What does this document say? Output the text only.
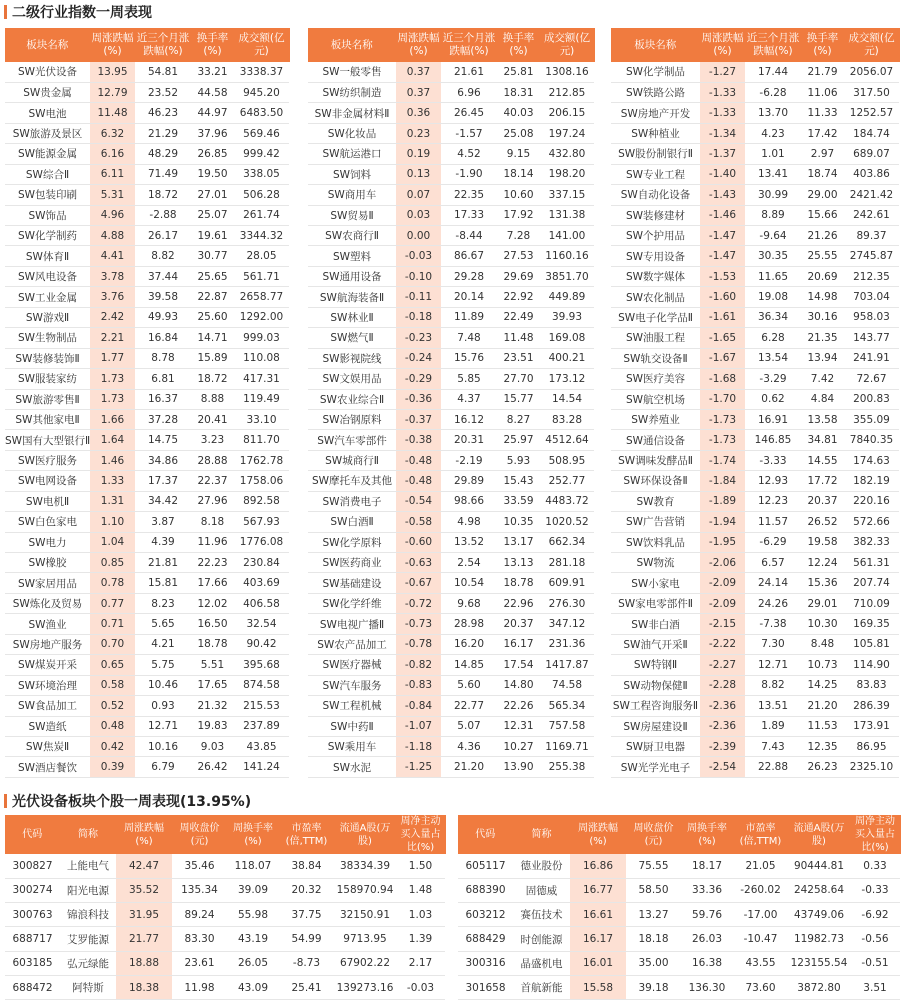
二级行业指数一周表现
板块名称	周涨跌幅(%)	近三个月涨跌幅(%)	换手率(%)	成交额(亿元)
SW光伏设备	13.95	54.81	33.21	3338.37
SW贵金属	12.79	23.52	44.58	945.20
SW电池	11.48	46.23	44.97	6483.50
SW旅游及景区	6.32	21.29	37.96	569.46
SW能源金属	6.16	48.29	26.85	999.42
SW综合Ⅱ	6.11	71.49	19.50	338.05
SW包装印刷	5.31	18.72	27.01	506.28
SW饰品	4.96	-2.88	25.07	261.74
SW化学制药	4.88	26.17	19.61	3344.32
SW体育Ⅱ	4.41	8.82	30.77	28.05
SW风电设备	3.78	37.44	25.65	561.71
SW工业金属	3.76	39.58	22.87	2658.77
SW游戏Ⅱ	2.42	49.93	25.60	1292.00
SW生物制品	2.21	16.84	14.71	999.03
SW装修装饰Ⅱ	1.77	8.78	15.89	110.08
SW服装家纺	1.73	6.81	18.72	417.31
SW旅游零售Ⅱ	1.73	16.37	8.88	119.49
SW其他家电Ⅱ	1.66	37.28	20.41	33.10
SW国有大型银行Ⅱ	1.64	14.75	3.23	811.70
SW医疗服务	1.46	34.86	28.88	1762.78
SW电网设备	1.33	17.37	22.37	1758.06
SW电机Ⅱ	1.31	34.42	27.96	892.58
SW白色家电	1.10	3.87	8.18	567.93
SW电力	1.04	4.39	11.96	1776.08
SW橡胶	0.85	21.81	22.23	230.84
SW家居用品	0.78	15.81	17.66	403.69
SW炼化及贸易	0.77	8.23	12.02	406.58
SW渔业	0.71	5.65	16.50	32.54
SW房地产服务	0.70	4.21	18.78	90.42
SW煤炭开采	0.65	5.75	5.51	395.68
SW环境治理	0.58	10.46	17.65	874.58
SW食品加工	0.52	0.93	21.32	215.53
SW造纸	0.48	12.71	19.83	237.89
SW焦炭Ⅱ	0.42	10.16	9.03	43.85
SW酒店餐饮	0.39	6.79	26.42	141.24
板块名称	周涨跌幅(%)	近三个月涨跌幅(%)	换手率(%)	成交额(亿元)
SW一般零售	0.37	21.61	25.81	1308.16
SW纺织制造	0.37	6.96	18.31	212.85
SW非金属材料Ⅱ	0.36	26.45	40.03	206.15
SW化妆品	0.23	-1.57	25.08	197.24
SW航运港口	0.19	4.52	9.15	432.80
SW饲料	0.13	-1.90	18.14	198.20
SW商用车	0.07	22.35	10.60	337.15
SW贸易Ⅱ	0.03	17.33	17.92	131.38
SW农商行Ⅱ	0.00	-8.44	7.28	141.00
SW塑料	-0.03	86.67	27.53	1160.16
SW通用设备	-0.10	29.28	29.69	3851.70
SW航海装备Ⅱ	-0.11	20.14	22.92	449.89
SW林业Ⅱ	-0.18	11.89	22.49	39.93
SW燃气Ⅱ	-0.23	7.48	11.48	169.08
SW影视院线	-0.24	15.76	23.51	400.21
SW文娱用品	-0.29	5.85	27.70	173.12
SW农业综合Ⅱ	-0.36	4.37	15.77	14.54
SW冶钢原料	-0.37	16.12	8.27	83.28
SW汽车零部件	-0.38	20.31	25.97	4512.64
SW城商行Ⅱ	-0.48	-2.19	5.93	508.95
SW摩托车及其他	-0.48	29.89	15.43	252.77
SW消费电子	-0.54	98.66	33.59	4483.72
SW白酒Ⅱ	-0.58	4.98	10.35	1020.52
SW化学原料	-0.60	13.52	13.17	662.34
SW医药商业	-0.63	2.54	13.13	281.18
SW基础建设	-0.67	10.54	18.78	609.91
SW化学纤维	-0.72	9.68	22.96	276.30
SW电视广播Ⅱ	-0.73	28.98	20.37	347.12
SW农产品加工	-0.78	16.20	16.17	231.36
SW医疗器械	-0.82	14.85	17.54	1417.87
SW汽车服务	-0.83	5.60	14.80	74.58
SW工程机械	-0.84	22.77	22.26	565.34
SW中药Ⅱ	-1.07	5.07	12.31	757.58
SW乘用车	-1.18	4.36	10.27	1169.71
SW水泥	-1.25	21.20	13.90	255.38
板块名称	周涨跌幅(%)	近三个月涨跌幅(%)	换手率(%)	成交额(亿元)
SW化学制品	-1.27	17.44	21.79	2056.07
SW铁路公路	-1.33	-6.28	11.06	317.50
SW房地产开发	-1.33	13.70	11.33	1252.57
SW种植业	-1.34	4.23	17.42	184.74
SW股份制银行Ⅱ	-1.37	1.01	2.97	689.07
SW专业工程	-1.40	13.41	18.74	403.86
SW自动化设备	-1.43	30.99	29.00	2421.42
SW装修建材	-1.46	8.89	15.66	242.61
SW个护用品	-1.47	-9.64	21.26	89.37
SW专用设备	-1.47	30.35	25.55	2745.87
SW数字媒体	-1.53	11.65	20.69	212.35
SW农化制品	-1.60	19.08	14.98	703.04
SW电子化学品Ⅱ	-1.61	36.34	30.16	958.03
SW油服工程	-1.65	6.28	21.35	143.77
SW轨交设备Ⅱ	-1.67	13.54	13.94	241.91
SW医疗美容	-1.68	-3.29	7.42	72.67
SW航空机场	-1.70	0.62	4.84	200.83
SW养殖业	-1.73	16.91	13.58	355.09
SW通信设备	-1.73	146.85	34.81	7840.35
SW调味发酵品Ⅱ	-1.74	-3.33	14.55	174.63
SW环保设备Ⅱ	-1.84	12.93	17.72	182.19
SW教育	-1.89	12.23	20.37	220.16
SW广告营销	-1.94	11.57	26.52	572.66
SW饮料乳品	-1.95	-6.29	19.58	382.33
SW物流	-2.06	6.57	12.24	561.31
SW小家电	-2.09	24.14	15.36	207.74
SW家电零部件Ⅱ	-2.09	24.26	29.01	710.09
SW非白酒	-2.15	-7.38	10.30	169.35
SW油气开采Ⅱ	-2.22	7.30	8.48	105.81
SW特钢Ⅱ	-2.27	12.71	10.73	114.90
SW动物保健Ⅱ	-2.28	8.82	14.25	83.83
SW工程咨询服务Ⅱ	-2.36	13.51	21.20	286.39
SW房屋建设Ⅱ	-2.36	1.89	11.53	173.91
SW厨卫电器	-2.39	7.43	12.35	86.95
SW光学光电子	-2.54	22.88	26.23	2325.10
光伏设备板块个股一周表现(13.95%)
代码	简称	周涨跌幅(%)	周收盘价(元)	周换手率(%)	市盈率(倍,TTM)	流通A股(万股)	周净主动买入量占比(%)
300827	上能电气	42.47	35.46	118.07	38.84	38334.39	1.50
300274	阳光电源	35.52	135.34	39.09	20.32	158970.94	1.48
300763	锦浪科技	31.95	89.24	55.98	37.75	32150.91	1.03
688717	艾罗能源	21.77	83.30	43.19	54.99	9713.95	1.39
603185	弘元绿能	18.88	23.61	26.05	-8.73	67902.22	2.17
688472	阿特斯	18.38	11.98	43.09	25.41	139273.16	-0.03
代码	简称	周涨跌幅(%)	周收盘价(元)	周换手率(%)	市盈率(倍,TTM)	流通A股(万股)	周净主动买入量占比(%)
605117	德业股份	16.86	75.55	18.17	21.05	90444.81	0.33
688390	固德威	16.77	58.50	33.36	-260.02	24258.64	-0.33
603212	赛伍技术	16.61	13.27	59.76	-17.00	43749.06	-6.92
688429	时创能源	16.17	18.18	26.03	-10.47	11982.73	-0.56
300316	晶盛机电	16.01	35.00	16.38	43.55	123155.54	-0.51
301658	首航新能	15.58	39.18	136.30	73.60	3872.80	3.51
